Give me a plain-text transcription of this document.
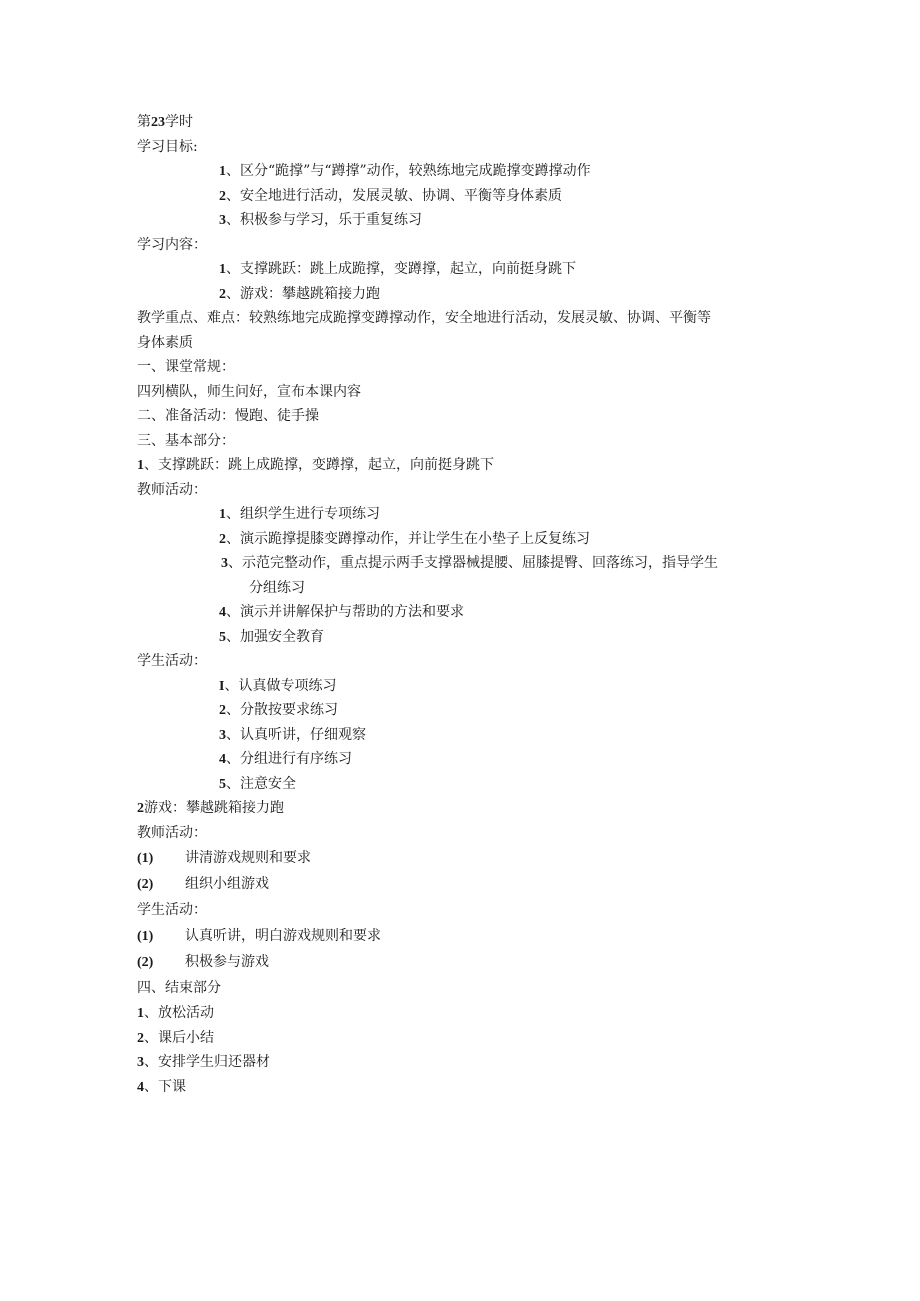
第23学时
学习目标:
1、区分“跪撑”与“蹲撑”动作，较熟练地完成跪撑变蹲撑动作
2、安全地进行活动，发展灵敏、协调、平衡等身体素质
3、积极参与学习，乐于重复练习
学习内容：
1、支撑跳跃：跳上成跪撑，变蹲撑，起立，向前挺身跳下
2、游戏：攀越跳箱接力跑
教学重点、难点：较熟练地完成跪撑变蹲撑动作，安全地进行活动，发展灵敏、协调、平衡等
身体素质
一、课堂常规：
四列横队，师生问好，宣布本课内容
二、准备活动：慢跑、徒手操
三、基本部分：
1、支撑跳跃：跳上成跪撑，变蹲撑，起立，向前挺身跳下
教师活动：
1、组织学生进行专项练习
2、演示跪撑提膝变蹲撑动作，并让学生在小垫子上反复练习
3、示范完整动作，重点提示两手支撑器械提腰、屈膝提臀、回落练习，指导学生
分组练习
4、演示并讲解保护与帮助的方法和要求
5、加强安全教育
学生活动：
I、认真做专项练习
2、分散按要求练习
3、认真听讲，仔细观察
4、分组进行有序练习
5、注意安全
2游戏：攀越跳箱接力跑
教师活动：
(1) 讲清游戏规则和要求
(2) 组织小组游戏
学生活动：
(1) 认真听讲，明白游戏规则和要求
(2) 积极参与游戏
四、结束部分
1、放松活动
2、课后小结
3、安排学生归还器材
4、下课
